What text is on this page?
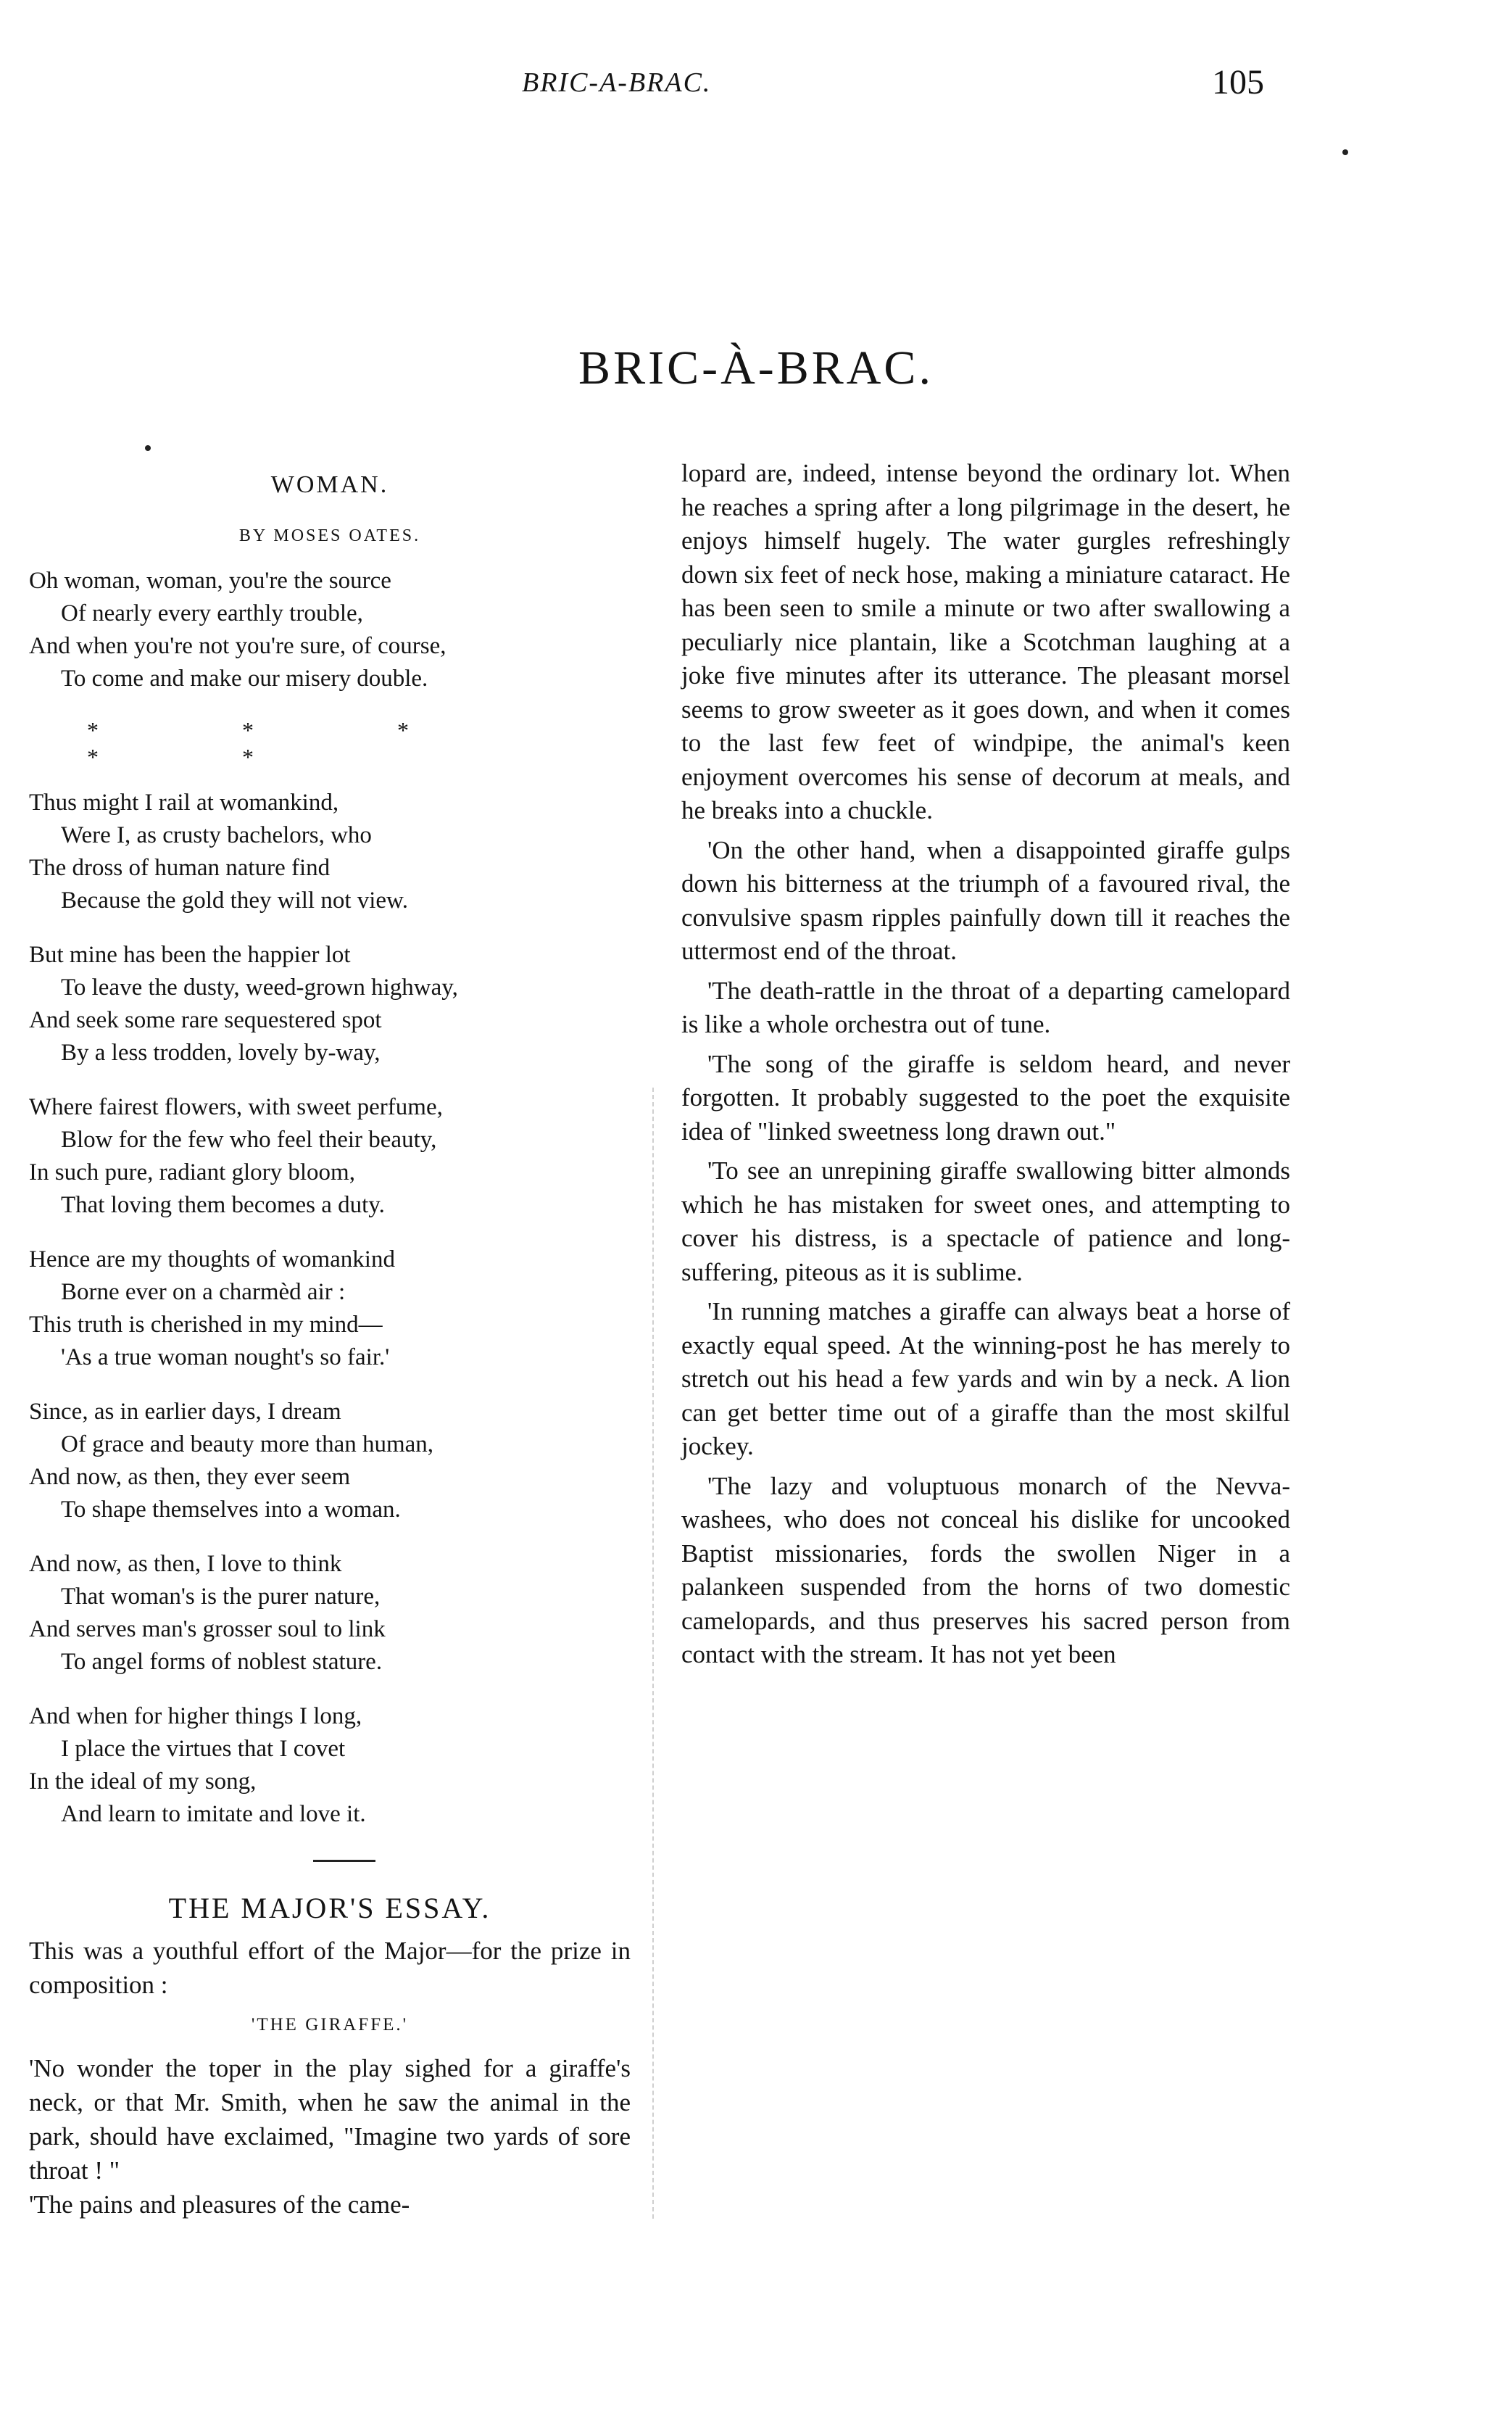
BRIC-A-BRAC.	105
BRIC-À-BRAC.
WOMAN.
BY MOSES OATES.
Oh woman, woman, you're the source
Of nearly every earthly trouble,
And when you're not you're sure, of course,
To come and make our misery double.
* * * * *
Thus might I rail at womankind,
Were I, as crusty bachelors, who
The dross of human nature find
Because the gold they will not view.
But mine has been the happier lot
To leave the dusty, weed-grown highway,
And seek some rare sequestered spot
By a less trodden, lovely by-way,
Where fairest flowers, with sweet perfume,
Blow for the few who feel their beauty,
In such pure, radiant glory bloom,
That loving them becomes a duty.
Hence are my thoughts of womankind
Borne ever on a charmèd air :
This truth is cherished in my mind—
'As a true woman nought's so fair.'
Since, as in earlier days, I dream
Of grace and beauty more than human,
And now, as then, they ever seem
To shape themselves into a woman.
And now, as then, I love to think
That woman's is the purer nature,
And serves man's grosser soul to link
To angel forms of noblest stature.
And when for higher things I long,
I place the virtues that I covet
In the ideal of my song,
And learn to imitate and love it.
THE MAJOR'S ESSAY.

This was a youthful effort of the Major—for the prize in composition :

'THE GIRAFFE.'

'No wonder the toper in the play sighed for a giraffe's neck, or that Mr. Smith, when he saw the animal in the park, should have exclaimed, "Imagine two yards of sore throat ! "

'The pains and pleasures of the came-

lopard are, indeed, intense beyond the ordinary lot. When he reaches a spring after a long pilgrimage in the desert, he enjoys himself hugely. The water gurgles refreshingly down six feet of neck hose, making a miniature cataract. He has been seen to smile a minute or two after swallowing a peculiarly nice plantain, like a Scotchman laughing at a joke five minutes after its utterance. The pleasant morsel seems to grow sweeter as it goes down, and when it comes to the last few feet of windpipe, the animal's keen enjoyment overcomes his sense of decorum at meals, and he breaks into a chuckle.

'On the other hand, when a disappointed giraffe gulps down his bitterness at the triumph of a favoured rival, the convulsive spasm ripples painfully down till it reaches the uttermost end of the throat.

'The death-rattle in the throat of a departing camelopard is like a whole orchestra out of tune.

'The song of the giraffe is seldom heard, and never forgotten. It probably suggested to the poet the exquisite idea of "linked sweetness long drawn out."

'To see an unrepining giraffe swallowing bitter almonds which he has mistaken for sweet ones, and attempting to cover his distress, is a spectacle of patience and long-suffering, piteous as it is sublime.

'In running matches a giraffe can always beat a horse of exactly equal speed. At the winning-post he has merely to stretch out his head a few yards and win by a neck. A lion can get better time out of a giraffe than the most skilful jockey.

'The lazy and voluptuous monarch of the Nevva-washees, who does not conceal his dislike for uncooked Baptist missionaries, fords the swollen Niger in a palankeen suspended from the horns of two domestic camelopards, and thus preserves his sacred person from contact with the stream. It has not yet been
